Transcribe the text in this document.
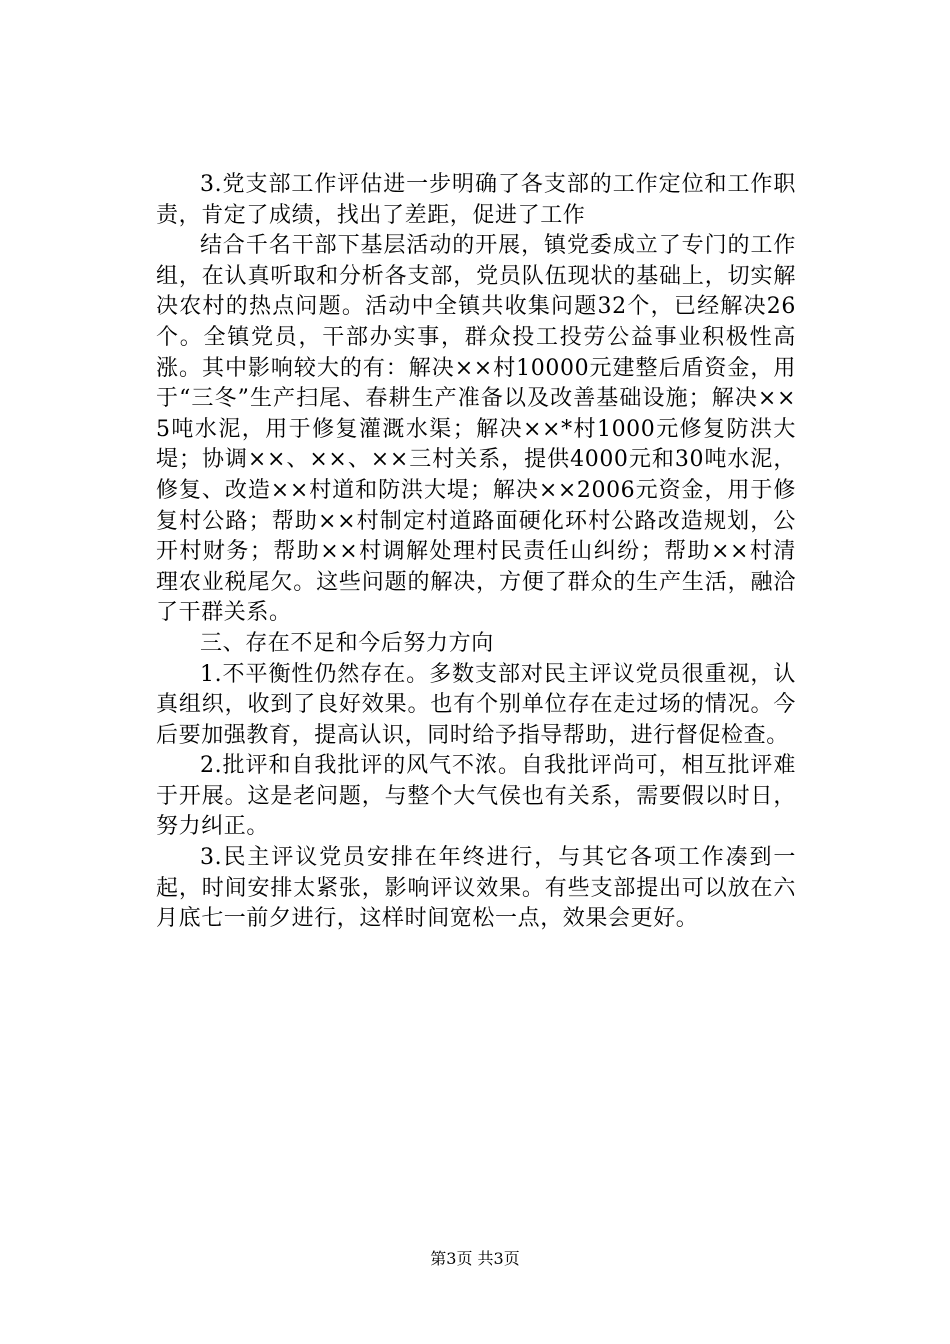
3.党支部工作评估进一步明确了各支部的工作定位和工作职责，肯定了成绩，找出了差距，促进了工作

结合千名干部下基层活动的开展，镇党委成立了专门的工作组，在认真听取和分析各支部，党员队伍现状的基础上，切实解决农村的热点问题。活动中全镇共收集问题32个，已经解决26个。全镇党员，干部办实事，群众投工投劳公益事业积极性高涨。其中影响较大的有：解决××村10000元建整后盾资金，用于“三冬”生产扫尾、春耕生产准备以及改善基础设施；解决××5吨水泥，用于修复灌溉水渠；解决××*村1000元修复防洪大堤；协调××、××、××三村关系，提供4000元和30吨水泥，修复、改造××村道和防洪大堤；解决××2006元资金，用于修复村公路；帮助××村制定村道路面硬化环村公路改造规划，公开村财务；帮助××村调解处理村民责任山纠纷；帮助××村清理农业税尾欠。这些问题的解决，方便了群众的生产生活，融洽了干群关系。

三、存在不足和今后努力方向

1.不平衡性仍然存在。多数支部对民主评议党员很重视，认真组织，收到了良好效果。也有个别单位存在走过场的情况。今后要加强教育，提高认识，同时给予指导帮助，进行督促检查。

2.批评和自我批评的风气不浓。自我批评尚可，相互批评难于开展。这是老问题，与整个大气侯也有关系，需要假以时日，努力纠正。

3.民主评议党员安排在年终进行，与其它各项工作凑到一起，时间安排太紧张，影响评议效果。有些支部提出可以放在六月底七一前夕进行，这样时间宽松一点，效果会更好。

第3页 共3页
